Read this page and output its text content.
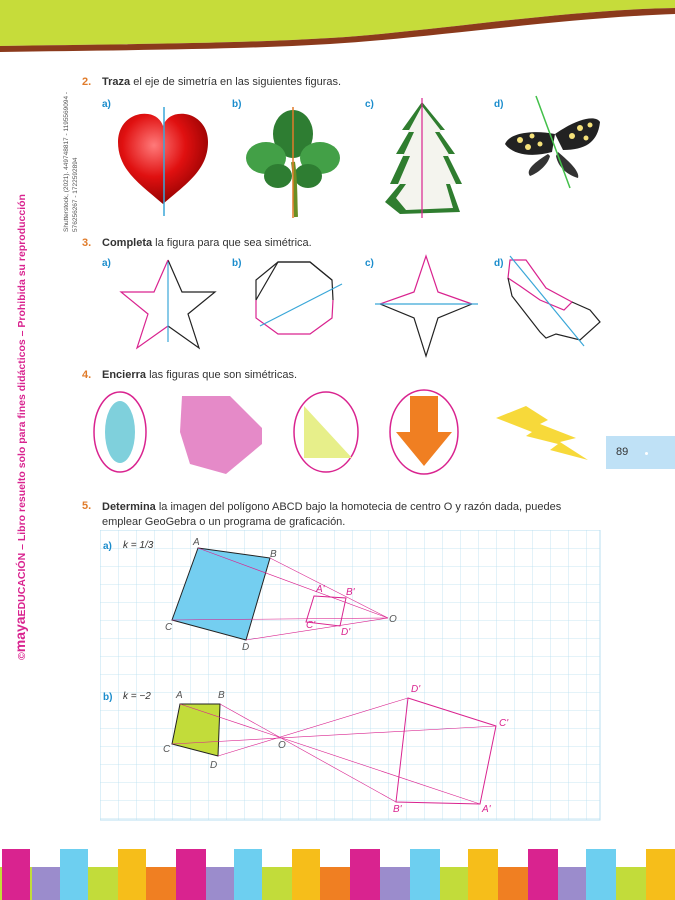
©mayaEDUCACIÓN – Libro resuelto solo para fines didácticos – Prohibida su reproducción
Shutterstock, (2021). 449748817 - 1195569094 - 576256267 - 1722592894
2. Traza el eje de simetría en las siguientes figuras.
a)	b)	c)	d)
3. Completa la figura para que sea simétrica.
a)	b)	c)	d)
4. Encierra las figuras que son simétricas.
89
5. Determina la imagen del polígono ABCD bajo la homotecia de centro O y razón dada, puedes
emplear GeoGebra o un programa de graficación.
a) k = 1/3	A
B
C
D
A' B'
C'
D'
O
b) k = −2	A	B
C
D
O
A'
B'
C'
D'
